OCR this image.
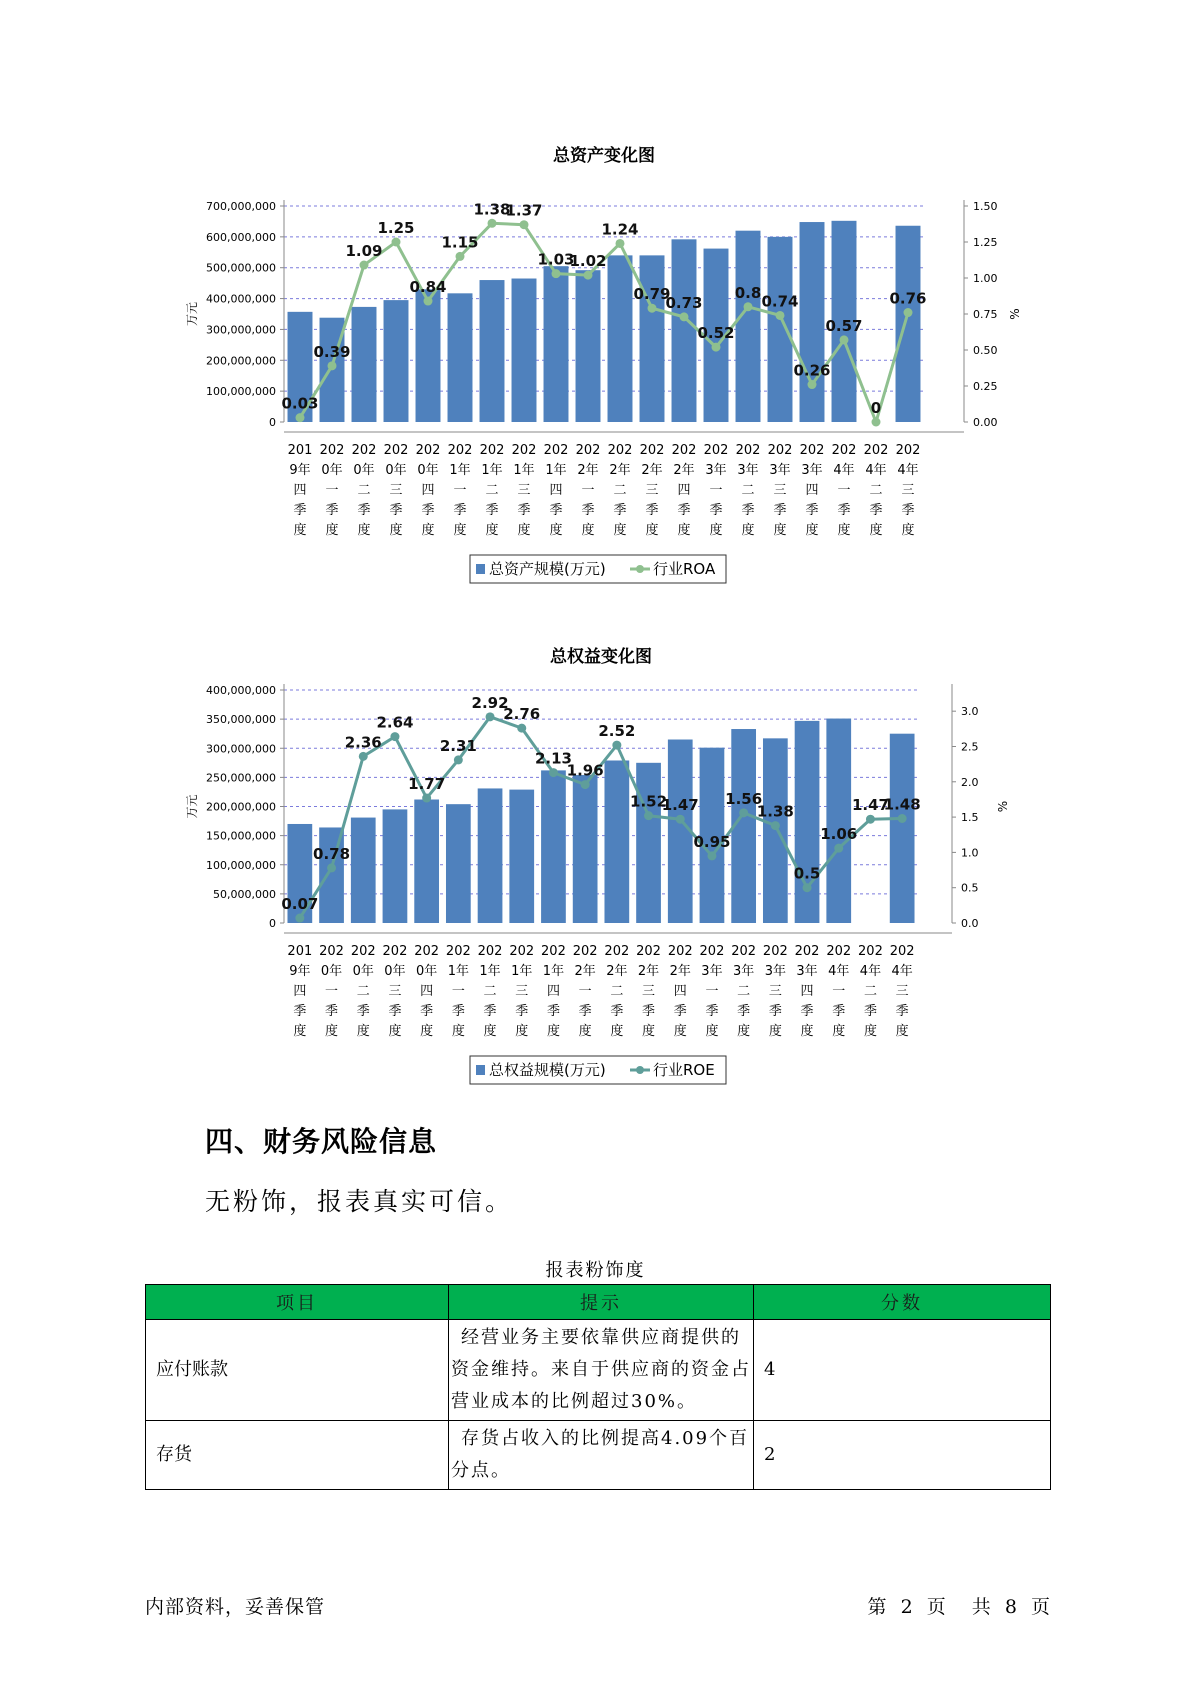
总资产变化图
0
100,000,000
200,000,000
300,000,000
400,000,000
500,000,000
600,000,000
700,000,000
0.00
0.25
0.50
0.75
1.00
1.25
1.50
万元	%
0.03
0.39
1.09
1.25
0.84
1.15
1.38
1.37
1.03
1.02
1.24
0.79
0.73
0.52
0.8 0.74
0.26
0.57
0
0.76
201
9年
四
季
度
202
0年
一
季
度
202
0年
二
季
度
202
0年
三
季
度
202
0年
四
季
度
202
1年
一
季
度
202
1年
二
季
度
202
1年
三
季
度
202
1年
四
季
度
202
2年
一
季
度
202
2年
二
季
度
202
2年
三
季
度
202
2年
四
季
度
202
3年
一
季
度
202
3年
二
季
度
202
3年
三
季
度
202
3年
四
季
度
202
4年
一
季
度
202
4年
二
季
度
202
4年
三
季
度
总资产规模(万元)	行业ROA
总权益变化图
0
50,000,000
100,000,000
150,000,000
200,000,000
250,000,000
300,000,000
350,000,000
400,000,000
0.0
0.5
1.0
1.5
2.0
2.5
3.0
万元	%
0.07
0.78
2.36
2.64
1.77
2.31
2.92
2.76
2.13
1.96
2.52
1.52
1.47
0.95
1.56
1.38
0.5
1.06
1.47
1.48
201
9年
四
季
度
202
0年
一
季
度
202
0年
二
季
度
202
0年
三
季
度
202
0年
四
季
度
202
1年
一
季
度
202
1年
二
季
度
202
1年
三
季
度
202
1年
四
季
度
202
2年
一
季
度
202
2年
二
季
度
202
2年
三
季
度
202
2年
四
季
度
202
3年
一
季
度
202
3年
二
季
度
202
3年
三
季
度
202
3年
四
季
度
202
4年
一
季
度
202
4年
二
季
度
202
4年
三
季
度
总权益规模(万元)	行业ROE
四、财务风险信息
无粉饰，报表真实可信。
报表粉饰度
项目	提示	分数
应付账款	经营业务主要依靠供应商提供的资金维持。来自于供应商的资金占营业成本的比例超过30%。	4
存货	存货占收入的比例提高4.09个百分点。	2
内部资料，妥善保管	第 2 页 共 8 页
